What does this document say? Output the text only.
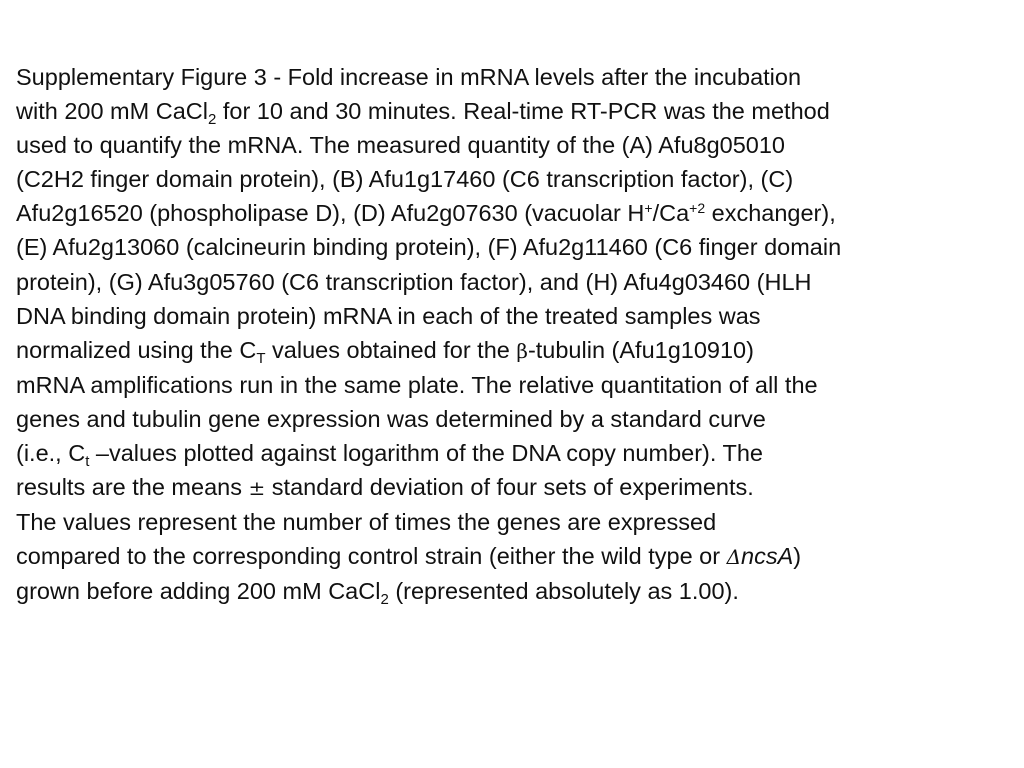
Supplementary Figure 3 - Fold increase in mRNA levels after the incubation
with 200 mM CaCl$_2$ for 10 and 30 minutes. Real-time RT-PCR was the method
used to quantify the mRNA. The measured quantity of the (A) Afu8g05010
(C2H2 finger domain protein), (B) Afu1g17460 (C6 transcription factor), (C)
Afu2g16520 (phospholipase D), (D) Afu2g07630 (vacuolar $H^+/Ca^{+2}$ exchanger),
(E) Afu2g13060 (calcineurin binding protein), (F) Afu2g11460 (C6 finger domain
protein), (G) Afu3g05760 (C6 transcription factor), and (H) Afu4g03460 (HLH
DNA binding domain protein) mRNA in each of the treated samples was
normalized using the $C_T$ values obtained for the β-tubulin (Afu1g10910)
mRNA amplifications run in the same plate. The relative quantitation of all the
genes and tubulin gene expression was determined by a standard curve
(i.e., $C_t$ –values plotted against logarithm of the DNA copy number). The
results are the means ± standard deviation of four sets of experiments.
The values represent the number of times the genes are expressed
compared to the corresponding control strain (either the wild type or ΔncsA)
grown before adding 200 mM CaCl$_2$ (represented absolutely as 1.00).
